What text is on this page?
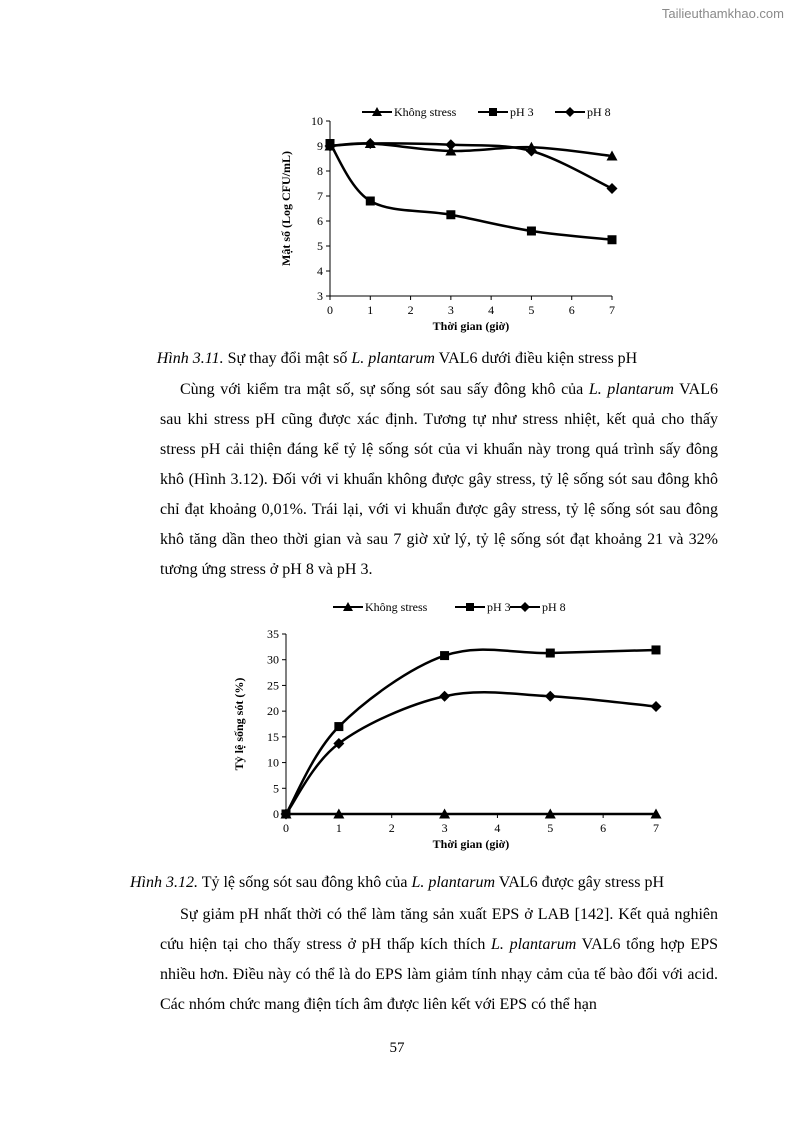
Tailieuthamkhao.com
3
4
5
6
7
8
9
10
0	1	2	3	4	5	6	7
Thời gian (giờ)
Mật số (Log CFU/mL)
Không stress	pH 3	pH 8
Hình 3.11. Sự thay đổi mật số L. plantarum VAL6 dưới điều kiện stress pH
Cùng với kiểm tra mật số, sự sống sót sau sấy đông khô của L. plantarum VAL6 sau khi stress pH cũng được xác định. Tương tự như stress nhiệt, kết quả cho thấy stress pH cải thiện đáng kể tỷ lệ sống sót của vi khuẩn này trong quá trình sấy đông khô (Hình 3.12). Đối với vi khuẩn không được gây stress, tỷ lệ sống sót sau đông khô chỉ đạt khoảng 0,01%. Trái lại, với vi khuẩn được gây stress, tỷ lệ sống sót sau đông khô tăng dần theo thời gian và sau 7 giờ xử lý, tỷ lệ sống sót đạt khoảng 21 và 32% tương ứng stress ở pH 8 và pH 3.
0
5
10
15
20
25
30
35
0	1	2	3	4	5	6	7
Thời gian (giờ)
Tỷ lệ sống sót (%)
Không stress	pH 3	pH 8
Hình 3.12. Tỷ lệ sống sót sau đông khô của L. plantarum VAL6 được gây stress pH
Sự giảm pH nhất thời có thể làm tăng sản xuất EPS ở LAB [142]. Kết quả nghiên cứu hiện tại cho thấy stress ở pH thấp kích thích L. plantarum VAL6 tổng hợp EPS nhiều hơn. Điều này có thể là do EPS làm giảm tính nhạy cảm của tế bào đối với acid. Các nhóm chức mang điện tích âm được liên kết với EPS có thể hạn
57
